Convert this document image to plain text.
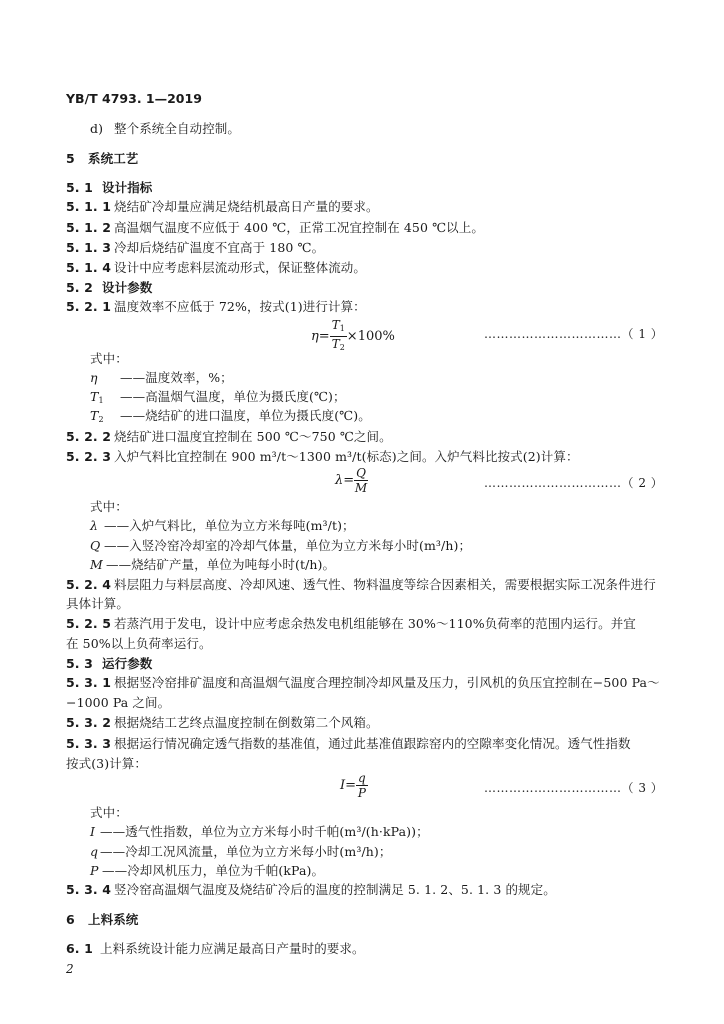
YB/T 4793. 1—2019
d) 整个系统全自动控制。
5 系统工艺
5. 1 设计指标
5. 1. 1 烧结矿冷却量应满足烧结机最高日产量的要求。
5. 1. 2 高温烟气温度不应低于 400 ℃，正常工况宜控制在 450 ℃以上。
5. 1. 3 冷却后烧结矿温度不宜高于 180 ℃。
5. 1. 4 设计中应考虑料层流动形式，保证整体流动。
5. 2 设计参数
5. 2. 1 温度效率不应低于 72%，按式(1)进行计算：
$\eta= \frac{T_1}{T_2} \times 100\%$	……………………………（ 1 ）
式中：
η ——温度效率，%；
$T_1$ ——高温烟气温度，单位为摄氏度(℃)；
$T_2$ ——烧结矿的进口温度，单位为摄氏度(℃)。
5. 2. 2 烧结矿进口温度宜控制在 500 ℃～750 ℃之间。
5. 2. 3 入炉气料比宜控制在 900 m³/t～1300 m³/t(标态)之间。入炉气料比按式(2)计算：
$\lambda= \frac{Q}{M}$	……………………………（ 2 ）
式中：
λ ——入炉气料比，单位为立方米每吨(m³/t)；
Q ——入竖冷窑冷却室的冷却气体量，单位为立方米每小时(m³/h)；
M ——烧结矿产量，单位为吨每小时(t/h)。
5. 2. 4 料层阻力与料层高度、冷却风速、透气性、物料温度等综合因素相关，需要根据实际工况条件进行
具体计算。
5. 2. 5 若蒸汽用于发电，设计中应考虑余热发电机组能够在 30%～110%负荷率的范围内运行。并宜
在 50%以上负荷率运行。
5. 3 运行参数
5. 3. 1 根据竖冷窑排矿温度和高温烟气温度合理控制冷却风量及压力，引风机的负压宜控制在−500 Pa～
−1000 Pa 之间。
5. 3. 2 根据烧结工艺终点温度控制在倒数第二个风箱。
5. 3. 3 根据运行情况确定透气指数的基准值，通过此基准值跟踪窑内的空隙率变化情况。透气性指数
按式(3)计算：
$I= \frac{q}{P}$	……………………………（ 3 ）
式中：
I ——透气性指数，单位为立方米每小时千帕(m³/(h·kPa))；
q ——冷却工况风流量，单位为立方米每小时(m³/h)；
P ——冷却风机压力，单位为千帕(kPa)。
5. 3. 4 竖冷窑高温烟气温度及烧结矿冷后的温度的控制满足 5. 1. 2、5. 1. 3 的规定。
6 上料系统
6. 1 上料系统设计能力应满足最高日产量时的要求。
2
